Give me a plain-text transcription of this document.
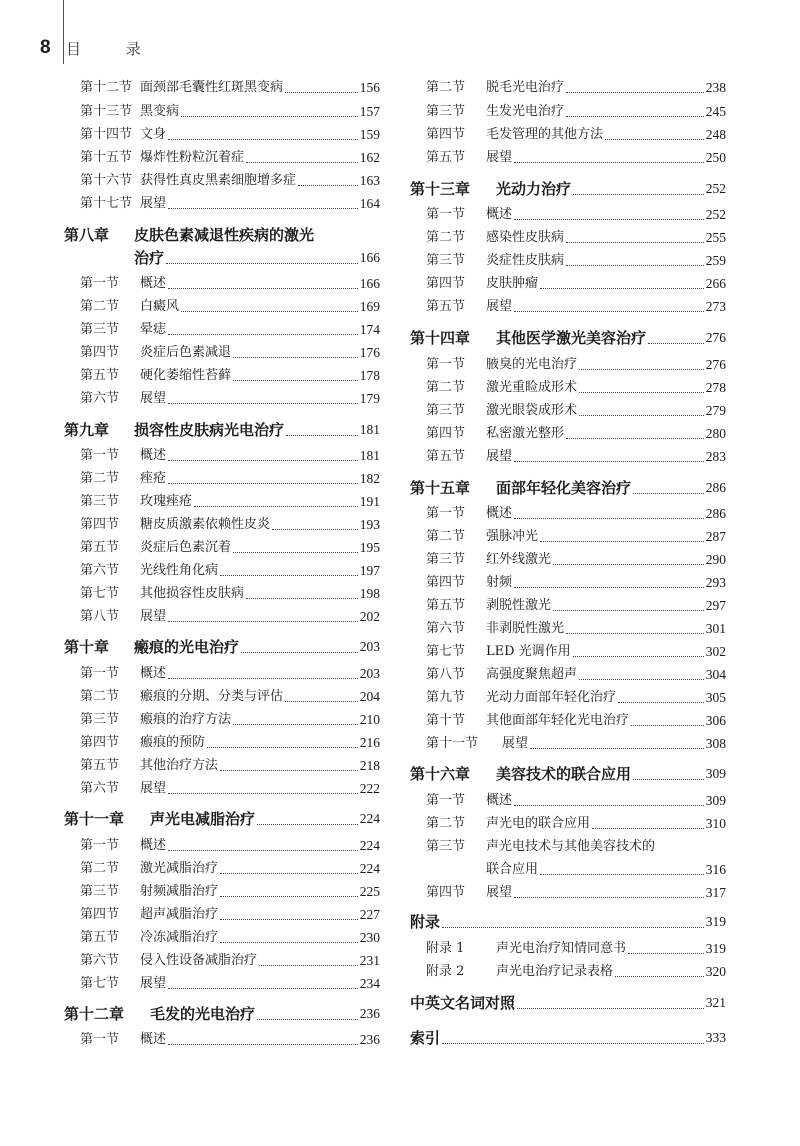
8	目 录
第十二节 面颈部毛囊性红斑黑变病	156
第十三节 黑变病	157
第十四节 文身	159
第十五节 爆炸性粉粒沉着症	162
第十六节 获得性真皮黑素细胞增多症	163
第十七节 展望	164
第八章	皮肤色素减退性疾病的激光
治疗	166
第一节	概述	166
第二节	白癜风	169
第三节	晕痣	174
第四节	炎症后色素减退	176
第五节	硬化萎缩性苔藓	178
第六节	展望	179
第九章	损容性皮肤病光电治疗	181
第一节	概述	181
第二节	痤疮	182
第三节	玫瑰痤疮	191
第四节	糖皮质激素依赖性皮炎	193
第五节	炎症后色素沉着	195
第六节	光线性角化病	197
第七节	其他损容性皮肤病	198
第八节	展望	202
第十章	瘢痕的光电治疗	203
第一节	概述	203
第二节	瘢痕的分期、分类与评估	204
第三节	瘢痕的治疗方法	210
第四节	瘢痕的预防	216
第五节	其他治疗方法	218
第六节	展望	222
第十一章	声光电减脂治疗	224
第一节	概述	224
第二节	激光减脂治疗	224
第三节	射频减脂治疗	225
第四节	超声减脂治疗	227
第五节	冷冻减脂治疗	230
第六节	侵入性设备减脂治疗	231
第七节	展望	234
第十二章	毛发的光电治疗	236
第一节	概述	236
第二节	脱毛光电治疗	238
第三节	生发光电治疗	245
第四节	毛发管理的其他方法	248
第五节	展望	250
第十三章	光动力治疗	252
第一节	概述	252
第二节	感染性皮肤病	255
第三节	炎症性皮肤病	259
第四节	皮肤肿瘤	266
第五节	展望	273
第十四章	其他医学激光美容治疗	276
第一节	腋臭的光电治疗	276
第二节	激光重睑成形术	278
第三节	激光眼袋成形术	279
第四节	私密激光整形	280
第五节	展望	283
第十五章	面部年轻化美容治疗	286
第一节	概述	286
第二节	强脉冲光	287
第三节	红外线激光	290
第四节	射频	293
第五节	剥脱性激光	297
第六节	非剥脱性激光	301
第七节	LED 光调作用	302
第八节	高强度聚焦超声	304
第九节	光动力面部年轻化治疗	305
第十节	其他面部年轻化光电治疗	306
第十一节	展望	308
第十六章	美容技术的联合应用	309
第一节	概述	309
第二节	声光电的联合应用	310
第三节	声光电技术与其他美容技术的
联合应用	316
第四节	展望	317
附录	319
附录 1	声光电治疗知情同意书	319
附录 2	声光电治疗记录表格	320
中英文名词对照	321
索引	333
